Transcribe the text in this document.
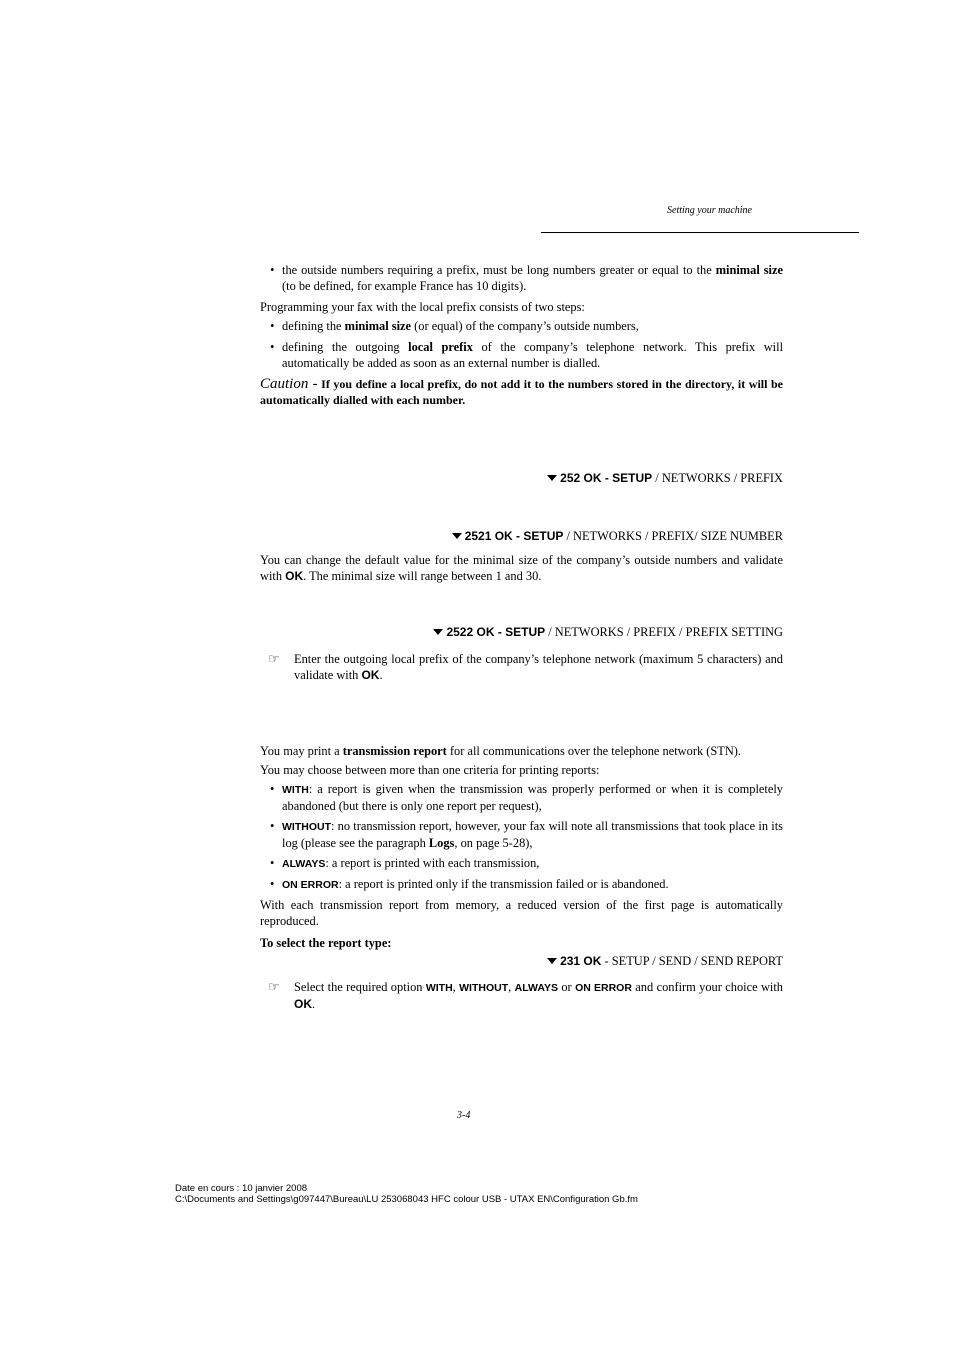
Setting your machine
• the outside numbers requiring a prefix, must be long numbers greater or equal to the minimal size (to be defined, for example France has 10 digits).
Programming your fax with the local prefix consists of two steps:
• defining the minimal size (or equal) of the company’s outside numbers,
• defining the outgoing local prefix of the company’s telephone network. This prefix will automatically be added as soon as an external number is dialled.
Caution - If you define a local prefix, do not add it to the numbers stored in the directory, it will be automatically dialled with each number.
252 OK - SETUP / NETWORKS / PREFIX
2521 OK - SETUP / NETWORKS / PREFIX/ SIZE NUMBER
You can change the default value for the minimal size of the company’s outside numbers and validate with OK. The minimal size will range between 1 and 30.
2522 OK - SETUP / NETWORKS / PREFIX / PREFIX SETTING
☞ Enter the outgoing local prefix of the company’s telephone network (maximum 5 characters) and validate with OK.
You may print a transmission report for all communications over the telephone network (STN).
You may choose between more than one criteria for printing reports:
• WITH: a report is given when the transmission was properly performed or when it is completely abandoned (but there is only one report per request),
• WITHOUT: no transmission report, however, your fax will note all transmissions that took place in its log (please see the paragraph Logs, on page 5-28),
• ALWAYS: a report is printed with each transmission,
• ON ERROR: a report is printed only if the transmission failed or is abandoned.
With each transmission report from memory, a reduced version of the first page is automatically reproduced.
To select the report type:
231 OK - SETUP / SEND / SEND REPORT
☞ Select the required option WITH, WITHOUT, ALWAYS or ON ERROR and confirm your choice with OK.
3-4
Date en cours : 10 janvier 2008
C:\Documents and Settings\g097447\Bureau\LU 253068043 HFC colour USB - UTAX EN\Configuration Gb.fm
